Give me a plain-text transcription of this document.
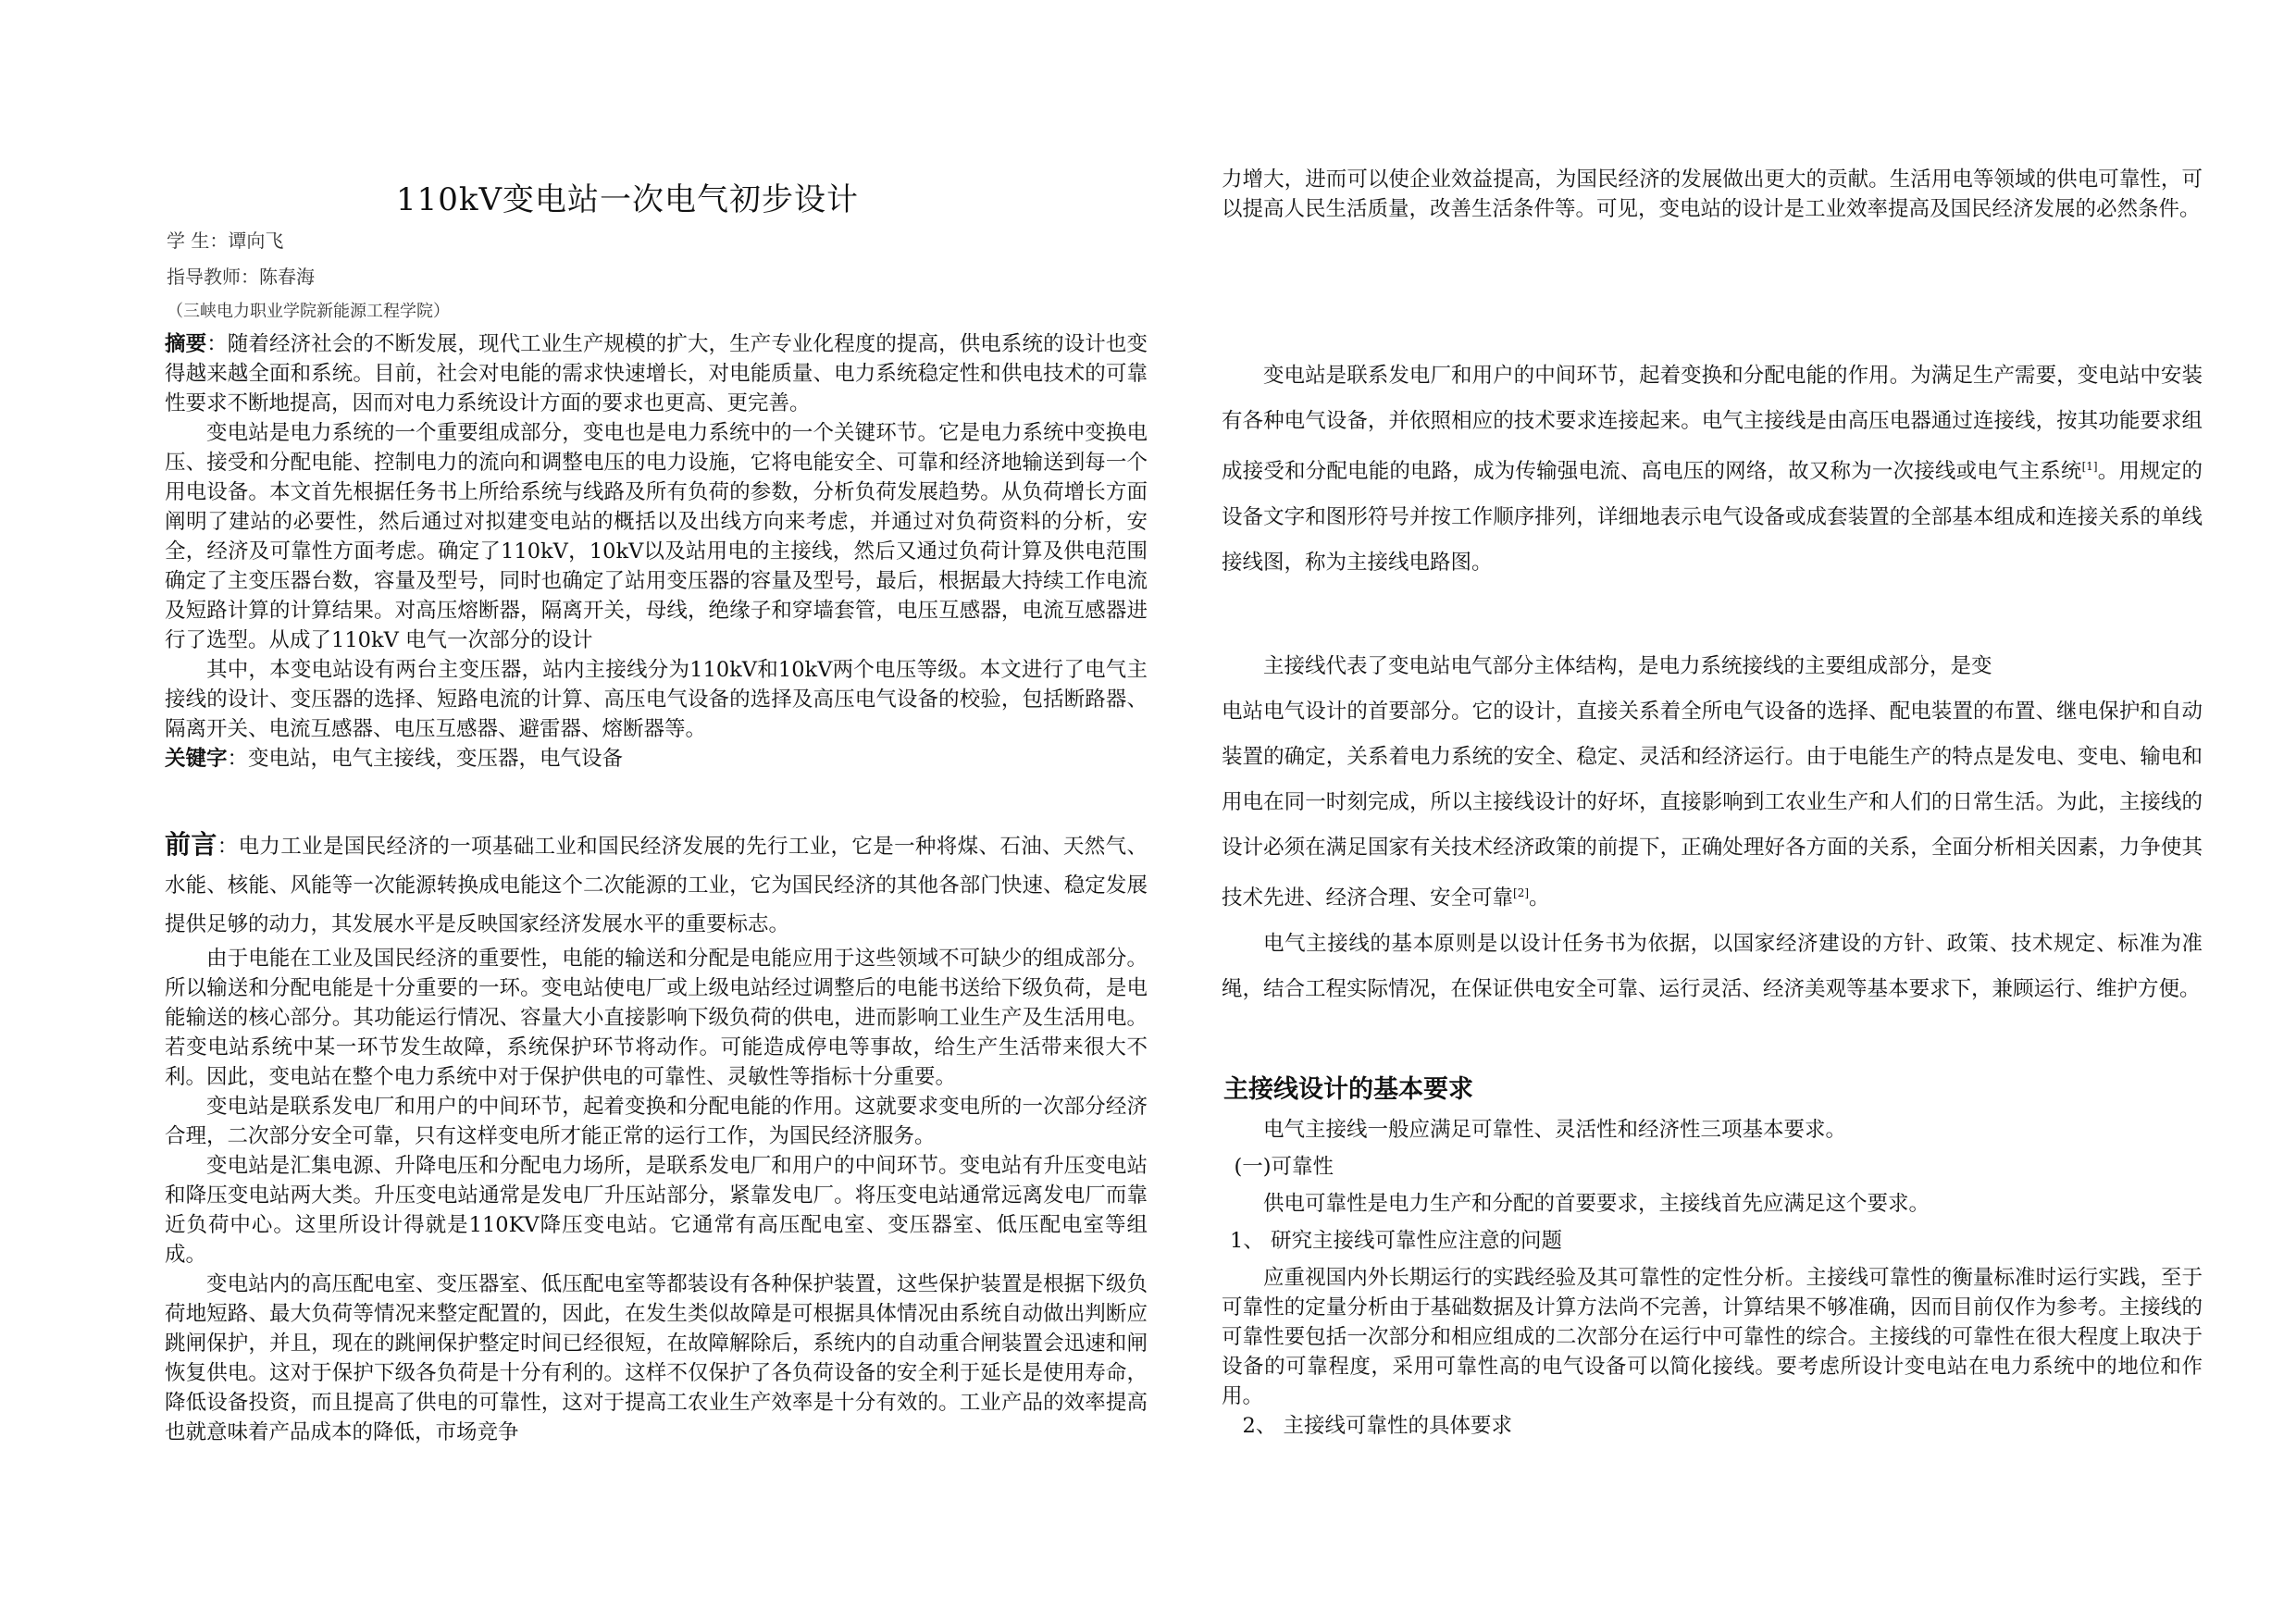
110kV变电站一次电气初步设计
学 生：谭向飞
指导教师：陈春海
（三峡电力职业学院新能源工程学院）

摘要：随着经济社会的不断发展，现代工业生产规模的扩大，生产专业化程度的提高，供电系统的设计也变得越来越全面和系统。目前，社会对电能的需求快速增长，对电能质量、电力系统稳定性和供电技术的可靠性要求不断地提高，因而对电力系统设计方面的要求也更高、更完善。

变电站是电力系统的一个重要组成部分，变电也是电力系统中的一个关键环节。它是电力系统中变换电压、接受和分配电能、控制电力的流向和调整电压的电力设施，它将电能安全、可靠和经济地输送到每一个用电设备。本文首先根据任务书上所给系统与线路及所有负荷的参数，分析负荷发展趋势。从负荷增长方面阐明了建站的必要性，然后通过对拟建变电站的概括以及出线方向来考虑，并通过对负荷资料的分析，安全，经济及可靠性方面考虑。确定了110kV，10kV以及站用电的主接线，然后又通过负荷计算及供电范围确定了主变压器台数，容量及型号，同时也确定了站用变压器的容量及型号，最后，根据最大持续工作电流及短路计算的计算结果。对高压熔断器，隔离开关，母线，绝缘子和穿墙套管，电压互感器，电流互感器进行了选型。从成了110kV 电气一次部分的设计

其中，本变电站设有两台主变压器，站内主接线分为110kV和10kV两个电压等级。本文进行了电气主接线的设计、变压器的选择、短路电流的计算、高压电气设备的选择及高压电气设备的校验，包括断路器、隔离开关、电流互感器、电压互感器、避雷器、熔断器等。

关键字：变电站，电气主接线，变压器，电气设备

前言：电力工业是国民经济的一项基础工业和国民经济发展的先行工业，它是一种将煤、石油、天然气、水能、核能、风能等一次能源转换成电能这个二次能源的工业，它为国民经济的其他各部门快速、稳定发展提供足够的动力，其发展水平是反映国家经济发展水平的重要标志。

由于电能在工业及国民经济的重要性，电能的输送和分配是电能应用于这些领域不可缺少的组成部分。所以输送和分配电能是十分重要的一环。变电站使电厂或上级电站经过调整后的电能书送给下级负荷，是电能输送的核心部分。其功能运行情况、容量大小直接影响下级负荷的供电，进而影响工业生产及生活用电。若变电站系统中某一环节发生故障，系统保护环节将动作。可能造成停电等事故，给生产生活带来很大不利。因此，变电站在整个电力系统中对于保护供电的可靠性、灵敏性等指标十分重要。

变电站是联系发电厂和用户的中间环节，起着变换和分配电能的作用。这就要求变电所的一次部分经济合理，二次部分安全可靠，只有这样变电所才能正常的运行工作，为国民经济服务。

变电站是汇集电源、升降电压和分配电力场所，是联系发电厂和用户的中间环节。变电站有升压变电站和降压变电站两大类。升压变电站通常是发电厂升压站部分，紧靠发电厂。将压变电站通常远离发电厂而靠近负荷中心。这里所设计得就是110KV降压变电站。它通常有高压配电室、变压器室、低压配电室等组成。

变电站内的高压配电室、变压器室、低压配电室等都装设有各种保护装置，这些保护装置是根据下级负荷地短路、最大负荷等情况来整定配置的，因此，在发生类似故障是可根据具体情况由系统自动做出判断应跳闸保护，并且，现在的跳闸保护整定时间已经很短，在故障解除后，系统内的自动重合闸装置会迅速和闸恢复供电。这对于保护下级各负荷是十分有利的。这样不仅保护了各负荷设备的安全利于延长是使用寿命，降低设备投资，而且提高了供电的可靠性，这对于提高工农业生产效率是十分有效的。工业产品的效率提高也就意味着产品成本的降低，市场竞争

力增大，进而可以使企业效益提高，为国民经济的发展做出更大的贡献。生活用电等领域的供电可靠性，可以提高人民生活质量，改善生活条件等。可见，变电站的设计是工业效率提高及国民经济发展的必然条件。

变电站是联系发电厂和用户的中间环节，起着变换和分配电能的作用。为满足生产需要，变电站中安装有各种电气设备，并依照相应的技术要求连接起来。电气主接线是由高压电器通过连接线，按其功能要求组成接受和分配电能的电路，成为传输强电流、高电压的网络，故又称为一次接线或电气主系统[1]。用规定的设备文字和图形符号并按工作顺序排列，详细地表示电气设备或成套装置的全部基本组成和连接关系的单线接线图，称为主接线电路图。

主接线代表了变电站电气部分主体结构，是电力系统接线的主要组成部分，是变

电站电气设计的首要部分。它的设计，直接关系着全所电气设备的选择、配电装置的布置、继电保护和自动装置的确定，关系着电力系统的安全、稳定、灵活和经济运行。由于电能生产的特点是发电、变电、输电和用电在同一时刻完成，所以主接线设计的好坏，直接影响到工农业生产和人们的日常生活。为此，主接线的设计必须在满足国家有关技术经济政策的前提下，正确处理好各方面的关系，全面分析相关因素，力争使其技术先进、经济合理、安全可靠[2]。

电气主接线的基本原则是以设计任务书为依据，以国家经济建设的方针、政策、技术规定、标准为准绳，结合工程实际情况，在保证供电安全可靠、运行灵活、经济美观等基本要求下，兼顾运行、维护方便。

主接线设计的基本要求

电气主接线一般应满足可靠性、灵活性和经济性三项基本要求。

(一)可靠性

供电可靠性是电力生产和分配的首要要求，主接线首先应满足这个要求。

1、 研究主接线可靠性应注意的问题

应重视国内外长期运行的实践经验及其可靠性的定性分析。主接线可靠性的衡量标准时运行实践，至于可靠性的定量分析由于基础数据及计算方法尚不完善，计算结果不够准确，因而目前仅作为参考。主接线的可靠性要包括一次部分和相应组成的二次部分在运行中可靠性的综合。主接线的可靠性在很大程度上取决于设备的可靠程度，采用可靠性高的电气设备可以简化接线。要考虑所设计变电站在电力系统中的地位和作用。

2、 主接线可靠性的具体要求
